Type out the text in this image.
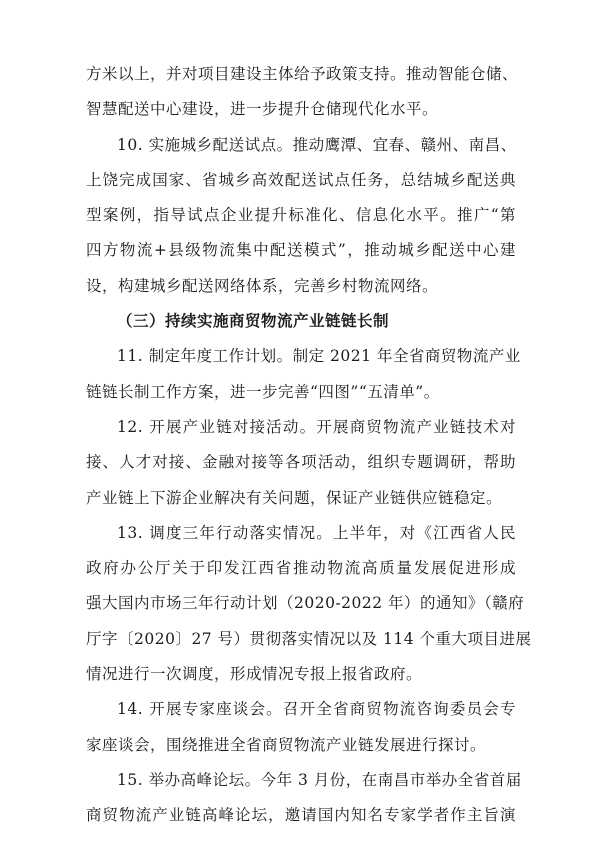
方米以上，并对项目建设主体给予政策支持。推动智能仓储、
智慧配送中心建设，进一步提升仓储现代化水平。
10. 实施城乡配送试点。推动鹰潭、宜春、赣州、南昌、
上饶完成国家、省城乡高效配送试点任务，总结城乡配送典
型案例，指导试点企业提升标准化、信息化水平。推广“第
四方物流+县级物流集中配送模式”，推动城乡配送中心建
设，构建城乡配送网络体系，完善乡村物流网络。
（三）持续实施商贸物流产业链链长制
11. 制定年度工作计划。制定 2021 年全省商贸物流产业
链链长制工作方案，进一步完善“四图”“五清单”。
12. 开展产业链对接活动。开展商贸物流产业链技术对
接、人才对接、金融对接等各项活动，组织专题调研，帮助
产业链上下游企业解决有关问题，保证产业链供应链稳定。
13. 调度三年行动落实情况。上半年，对《江西省人民
政府办公厅关于印发江西省推动物流高质量发展促进形成
强大国内市场三年行动计划（2020-2022 年）的通知》（赣府
厅字〔2020〕27 号）贯彻落实情况以及 114 个重大项目进展
情况进行一次调度，形成情况专报上报省政府。
14. 开展专家座谈会。召开全省商贸物流咨询委员会专
家座谈会，围绕推进全省商贸物流产业链发展进行探讨。
15. 举办高峰论坛。今年 3 月份，在南昌市举办全省首届
商贸物流产业链高峰论坛，邀请国内知名专家学者作主旨演
